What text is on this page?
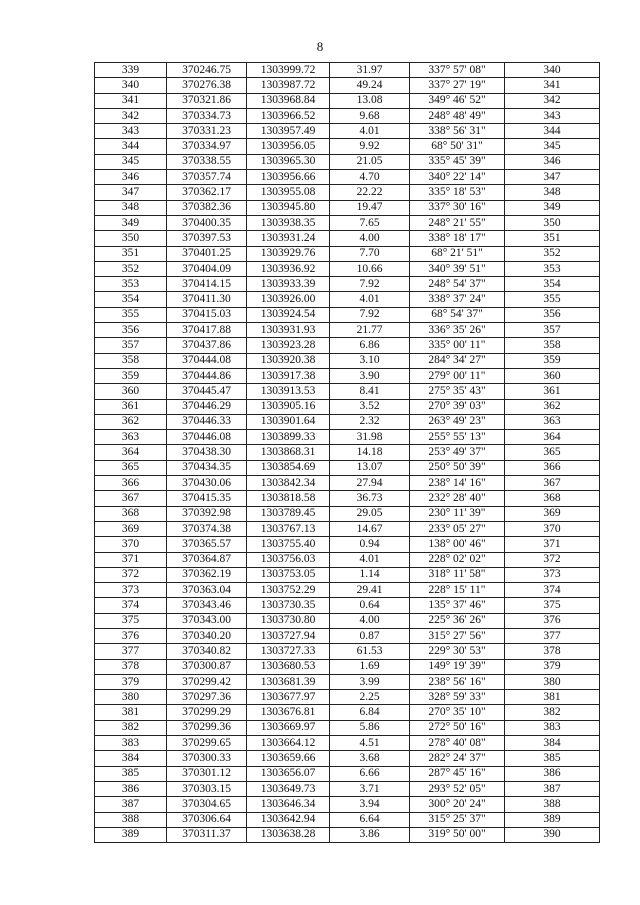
8
339	370246.75	1303999.72	31.97	337° 57' 08"	340
340	370276.38	1303987.72	49.24	337° 27' 19"	341
341	370321.86	1303968.84	13.08	349° 46' 52"	342
342	370334.73	1303966.52	9.68	248° 48' 49"	343
343	370331.23	1303957.49	4.01	338° 56' 31"	344
344	370334.97	1303956.05	9.92	68° 50' 31"	345
345	370338.55	1303965.30	21.05	335° 45' 39"	346
346	370357.74	1303956.66	4.70	340° 22' 14"	347
347	370362.17	1303955.08	22.22	335° 18' 53"	348
348	370382.36	1303945.80	19.47	337° 30' 16"	349
349	370400.35	1303938.35	7.65	248° 21' 55"	350
350	370397.53	1303931.24	4.00	338° 18' 17"	351
351	370401.25	1303929.76	7.70	68° 21' 51"	352
352	370404.09	1303936.92	10.66	340° 39' 51"	353
353	370414.15	1303933.39	7.92	248° 54' 37"	354
354	370411.30	1303926.00	4.01	338° 37' 24"	355
355	370415.03	1303924.54	7.92	68° 54' 37"	356
356	370417.88	1303931.93	21.77	336° 35' 26"	357
357	370437.86	1303923.28	6.86	335° 00' 11"	358
358	370444.08	1303920.38	3.10	284° 34' 27"	359
359	370444.86	1303917.38	3.90	279° 00' 11"	360
360	370445.47	1303913.53	8.41	275° 35' 43"	361
361	370446.29	1303905.16	3.52	270° 39' 03"	362
362	370446.33	1303901.64	2.32	263° 49' 23"	363
363	370446.08	1303899.33	31.98	255° 55' 13"	364
364	370438.30	1303868.31	14.18	253° 49' 37"	365
365	370434.35	1303854.69	13.07	250° 50' 39"	366
366	370430.06	1303842.34	27.94	238° 14' 16"	367
367	370415.35	1303818.58	36.73	232° 28' 40"	368
368	370392.98	1303789.45	29.05	230° 11' 39"	369
369	370374.38	1303767.13	14.67	233° 05' 27"	370
370	370365.57	1303755.40	0.94	138° 00' 46"	371
371	370364.87	1303756.03	4.01	228° 02' 02"	372
372	370362.19	1303753.05	1.14	318° 11' 58"	373
373	370363.04	1303752.29	29.41	228° 15' 11"	374
374	370343.46	1303730.35	0.64	135° 37' 46"	375
375	370343.00	1303730.80	4.00	225° 36' 26"	376
376	370340.20	1303727.94	0.87	315° 27' 56"	377
377	370340.82	1303727.33	61.53	229° 30' 53"	378
378	370300.87	1303680.53	1.69	149° 19' 39"	379
379	370299.42	1303681.39	3.99	238° 56' 16"	380
380	370297.36	1303677.97	2.25	328° 59' 33"	381
381	370299.29	1303676.81	6.84	270° 35' 10"	382
382	370299.36	1303669.97	5.86	272° 50' 16"	383
383	370299.65	1303664.12	4.51	278° 40' 08"	384
384	370300.33	1303659.66	3.68	282° 24' 37"	385
385	370301.12	1303656.07	6.66	287° 45' 16"	386
386	370303.15	1303649.73	3.71	293° 52' 05"	387
387	370304.65	1303646.34	3.94	300° 20' 24"	388
388	370306.64	1303642.94	6.64	315° 25' 37"	389
389	370311.37	1303638.28	3.86	319° 50' 00"	390
